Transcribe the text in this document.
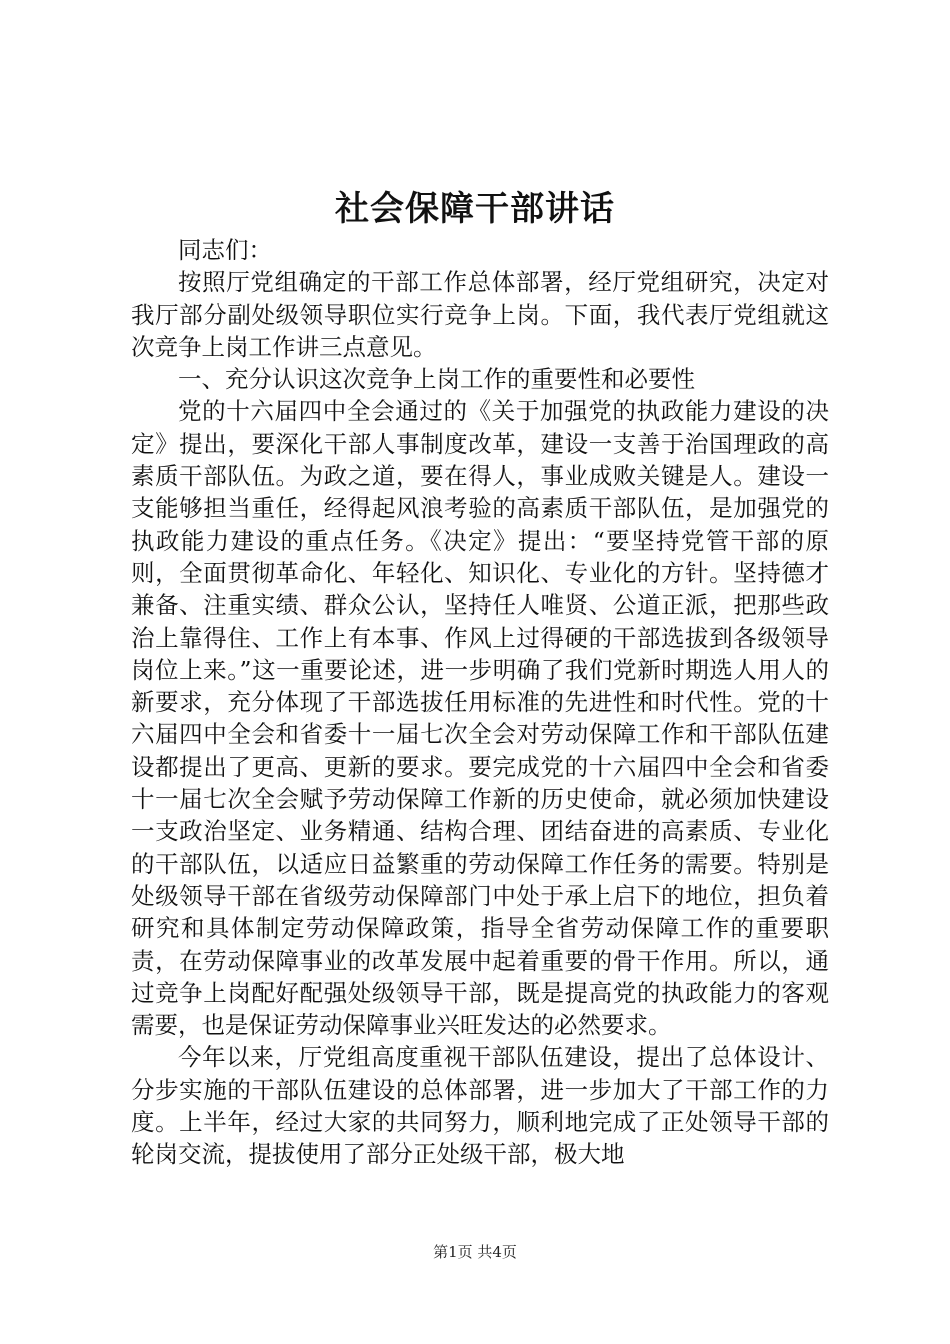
社会保障干部讲话

同志们：

按照厅党组确定的干部工作总体部署，经厅党组研究，决定对我厅部分副处级领导职位实行竞争上岗。下面，我代表厅党组就这次竞争上岗工作讲三点意见。

一、充分认识这次竞争上岗工作的重要性和必要性

党的十六届四中全会通过的《关于加强党的执政能力建设的决定》提出，要深化干部人事制度改革，建设一支善于治国理政的高素质干部队伍。为政之道，要在得人，事业成败关键是人。建设一支能够担当重任，经得起风浪考验的高素质干部队伍，是加强党的执政能力建设的重点任务。《决定》提出：“要坚持党管干部的原则，全面贯彻革命化、年轻化、知识化、专业化的方针。坚持德才兼备、注重实绩、群众公认，坚持任人唯贤、公道正派，把那些政治上靠得住、工作上有本事、作风上过得硬的干部选拔到各级领导岗位上来。”这一重要论述，进一步明确了我们党新时期选人用人的新要求，充分体现了干部选拔任用标准的先进性和时代性。党的十六届四中全会和省委十一届七次全会对劳动保障工作和干部队伍建设都提出了更高、更新的要求。要完成党的十六届四中全会和省委十一届七次全会赋予劳动保障工作新的历史使命，就必须加快建设一支政治坚定、业务精通、结构合理、团结奋进的高素质、专业化的干部队伍，以适应日益繁重的劳动保障工作任务的需要。特别是处级领导干部在省级劳动保障部门中处于承上启下的地位，担负着研究和具体制定劳动保障政策，指导全省劳动保障工作的重要职责，在劳动保障事业的改革发展中起着重要的骨干作用。所以，通过竞争上岗配好配强处级领导干部，既是提高党的执政能力的客观需要，也是保证劳动保障事业兴旺发达的必然要求。

今年以来，厅党组高度重视干部队伍建设，提出了总体设计、分步实施的干部队伍建设的总体部署，进一步加大了干部工作的力度。上半年，经过大家的共同努力，顺利地完成了正处领导干部的轮岗交流，提拔使用了部分正处级干部，极大地

第1页 共4页
